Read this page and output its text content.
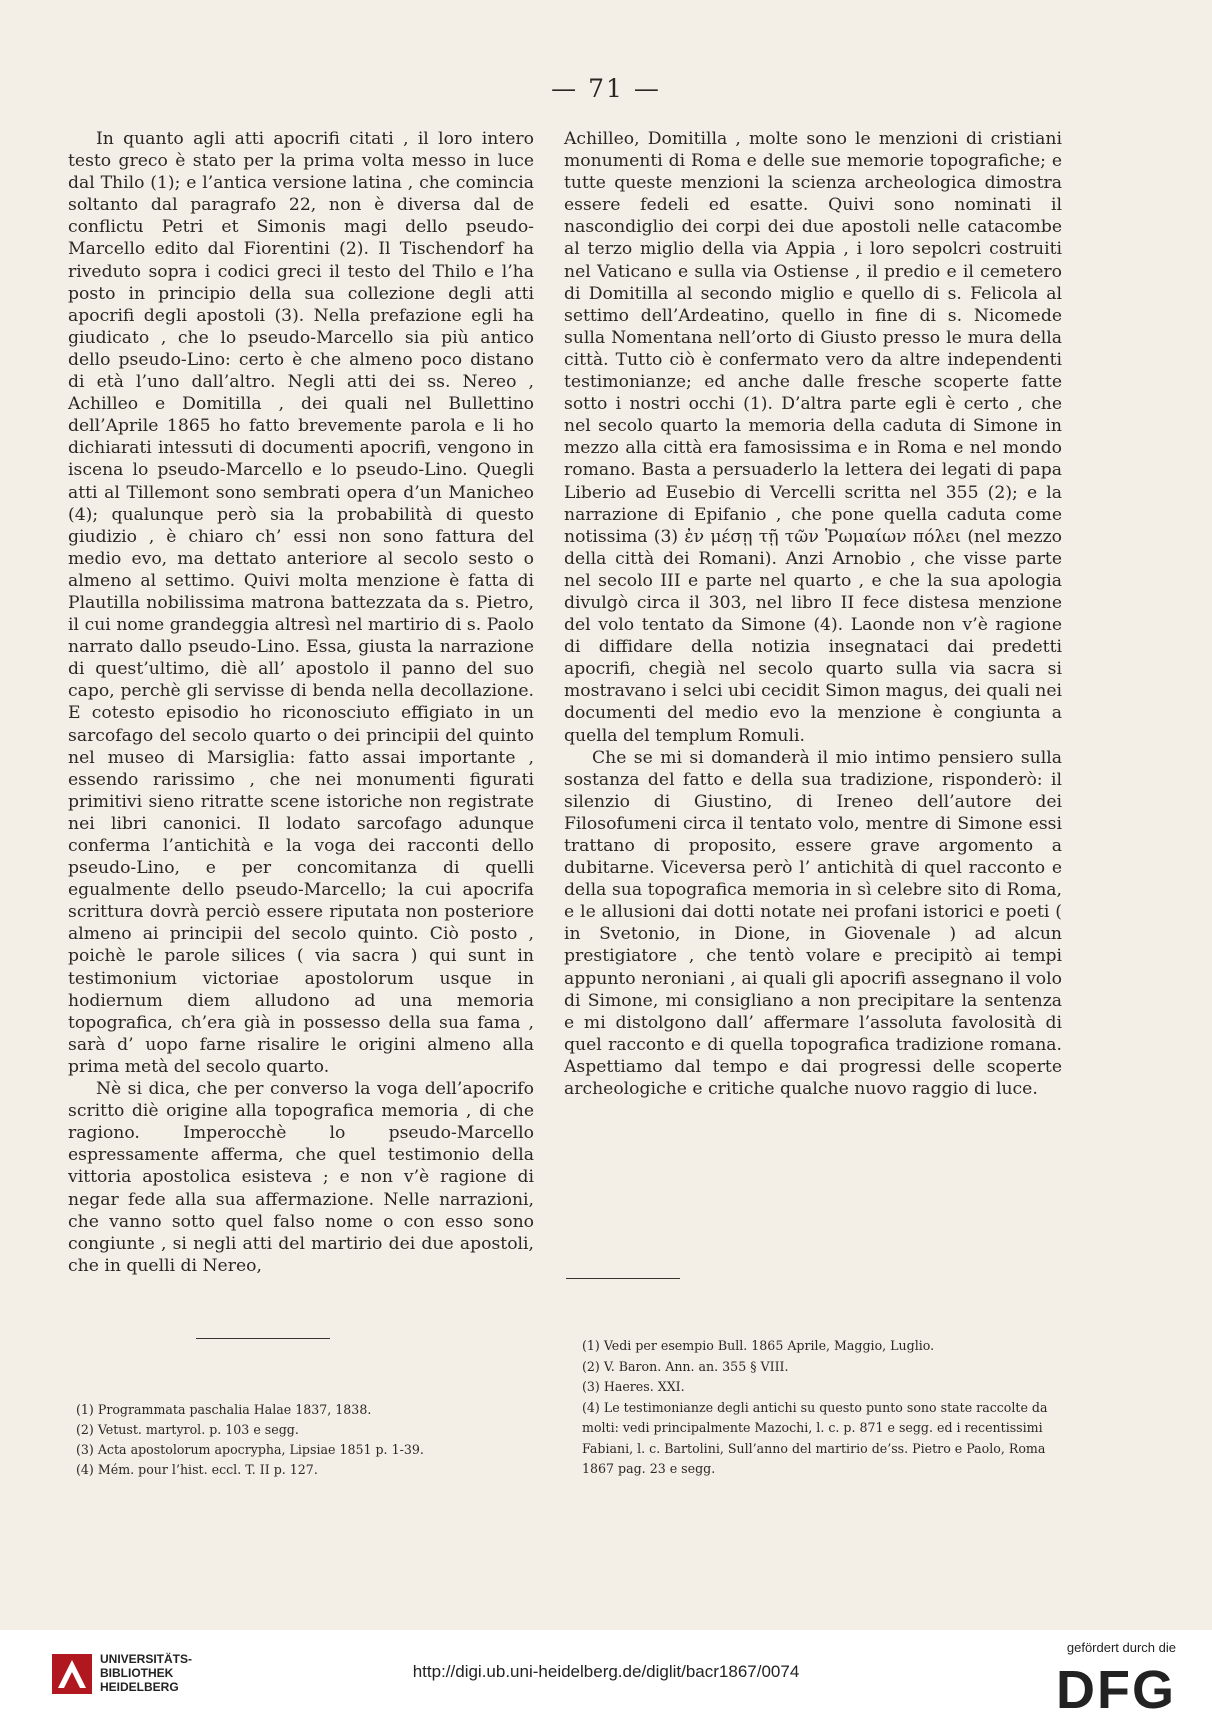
— 71 —

In quanto agli atti apocrifi citati , il loro intero testo greco è stato per la prima volta messo in luce dal Thilo (1); e l’antica versione latina , che comincia soltanto dal paragrafo 22, non è diversa dal de conflictu Petri et Simonis magi dello pseudo-Marcello edito dal Fiorentini (2). Il Tischendorf ha riveduto sopra i codici greci il testo del Thilo e l’ha posto in principio della sua collezione degli atti apocrifi degli apostoli (3). Nella prefazione egli ha giudicato , che lo pseudo-Marcello sia più antico dello pseudo-Lino: certo è che almeno poco distano di età l’uno dall’altro. Negli atti dei ss. Nereo , Achilleo e Domitilla , dei quali nel Bullettino dell’Aprile 1865 ho fatto brevemente parola e li ho dichiarati intessuti di documenti apocrifi, vengono in iscena lo pseudo-Marcello e lo pseudo-Lino. Quegli atti al Tillemont sono sembrati opera d’un Manicheo (4); qualunque però sia la probabilità di questo giudizio , è chiaro ch’ essi non sono fattura del medio evo, ma dettato anteriore al secolo sesto o almeno al settimo. Quivi molta menzione è fatta di Plautilla nobilissima matrona battezzata da s. Pietro, il cui nome grandeggia altresì nel martirio di s. Paolo narrato dallo pseudo-Lino. Essa, giusta la narrazione di quest’ultimo, diè all’ apostolo il panno del suo capo, perchè gli servisse di benda nella decollazione. E cotesto episodio ho riconosciuto effigiato in un sarcofago del secolo quarto o dei principii del quinto nel museo di Marsiglia: fatto assai importante , essendo rarissimo , che nei monumenti figurati primitivi sieno ritratte scene istoriche non registrate nei libri canonici. Il lodato sarcofago adunque conferma l’antichità e la voga dei racconti dello pseudo-Lino, e per concomitanza di quelli egualmente dello pseudo-Marcello; la cui apocrifa scrittura dovrà perciò essere riputata non posteriore almeno ai principii del secolo quinto. Ciò posto , poichè le parole silices ( via sacra ) qui sunt in testimonium victoriae apostolorum usque in hodiernum diem alludono ad una memoria topografica, ch’era già in possesso della sua fama , sarà d’ uopo farne risalire le origini almeno alla prima metà del secolo quarto.

Nè si dica, che per converso la voga dell’apocrifo scritto diè origine alla topografica memoria , di che ragiono. Imperocchè lo pseudo-Marcello espressamente afferma, che quel testimonio della vittoria apostolica esisteva ; e non v’è ragione di negar fede alla sua affermazione. Nelle narrazioni, che vanno sotto quel falso nome o con esso sono congiunte , si negli atti del martirio dei due apostoli, che in quelli di Nereo,

Achilleo, Domitilla , molte sono le menzioni di cristiani monumenti di Roma e delle sue memorie topografiche; e tutte queste menzioni la scienza archeologica dimostra essere fedeli ed esatte. Quivi sono nominati il nascondiglio dei corpi dei due apostoli nelle catacombe al terzo miglio della via Appia , i loro sepolcri costruiti nel Vaticano e sulla via Ostiense , il predio e il cemetero di Domitilla al secondo miglio e quello di s. Felicola al settimo dell’Ardeatino, quello in fine di s. Nicomede sulla Nomentana nell’orto di Giusto presso le mura della città. Tutto ciò è confermato vero da altre independenti testimonianze; ed anche dalle fresche scoperte fatte sotto i nostri occhi (1). D’altra parte egli è certo , che nel secolo quarto la memoria della caduta di Simone in mezzo alla città era famosissima e in Roma e nel mondo romano. Basta a persuaderlo la lettera dei legati di papa Liberio ad Eusebio di Vercelli scritta nel 355 (2); e la narrazione di Epifanio , che pone quella caduta come notissima (3) ἐν μέσῃ τῇ τῶν Ῥωμαίων πόλει (nel mezzo della città dei Romani). Anzi Arnobio , che visse parte nel secolo III e parte nel quarto , e che la sua apologia divulgò circa il 303, nel libro II fece distesa menzione del volo tentato da Simone (4). Laonde non v’è ragione di diffidare della notizia insegnataci dai predetti apocrifi, chegià nel secolo quarto sulla via sacra si mostravano i selci ubi cecidit Simon magus, dei quali nei documenti del medio evo la menzione è congiunta a quella del templum Romuli.

Che se mi si domanderà il mio intimo pensiero sulla sostanza del fatto e della sua tradizione, risponderò: il silenzio di Giustino, di Ireneo dell’autore dei Filosofumeni circa il tentato volo, mentre di Simone essi trattano di proposito, essere grave argomento a dubitarne. Viceversa però l’ antichità di quel racconto e della sua topografica memoria in sì celebre sito di Roma, e le allusioni dai dotti notate nei profani istorici e poeti ( in Svetonio, in Dione, in Giovenale ) ad alcun prestigiatore , che tentò volare e precipitò ai tempi appunto neroniani , ai quali gli apocrifi assegnano il volo di Simone, mi consigliano a non precipitare la sentenza e mi distolgono dall’ affermare l’assoluta favolosità di quel racconto e di quella topografica tradizione romana. Aspettiamo dal tempo e dai progressi delle scoperte archeologiche e critiche qualche nuovo raggio di luce.

(1) Programmata paschalia Halae 1837, 1838.

(2) Vetust. martyrol. p. 103 e segg.

(3) Acta apostolorum apocrypha, Lipsiae 1851 p. 1-39.

(4) Mém. pour l’hist. eccl. T. II p. 127.

(1) Vedi per esempio Bull. 1865 Aprile, Maggio, Luglio.

(2) V. Baron. Ann. an. 355 § VIII.

(3) Haeres. XXI.

(4) Le testimonianze degli antichi su questo punto sono state raccolte da molti: vedi principalmente Mazochi, l. c. p. 871 e segg. ed i recentissimi Fabiani, l. c. Bartolini, Sull’anno del martirio de’ss. Pietro e Paolo, Roma 1867 pag. 23 e segg.

UNIVERSITÄTS-
BIBLIOTHEK
HEIDELBERG
http://digi.ub.uni-heidelberg.de/diglit/bacr1867/0074
gefördert durch die
DFG
